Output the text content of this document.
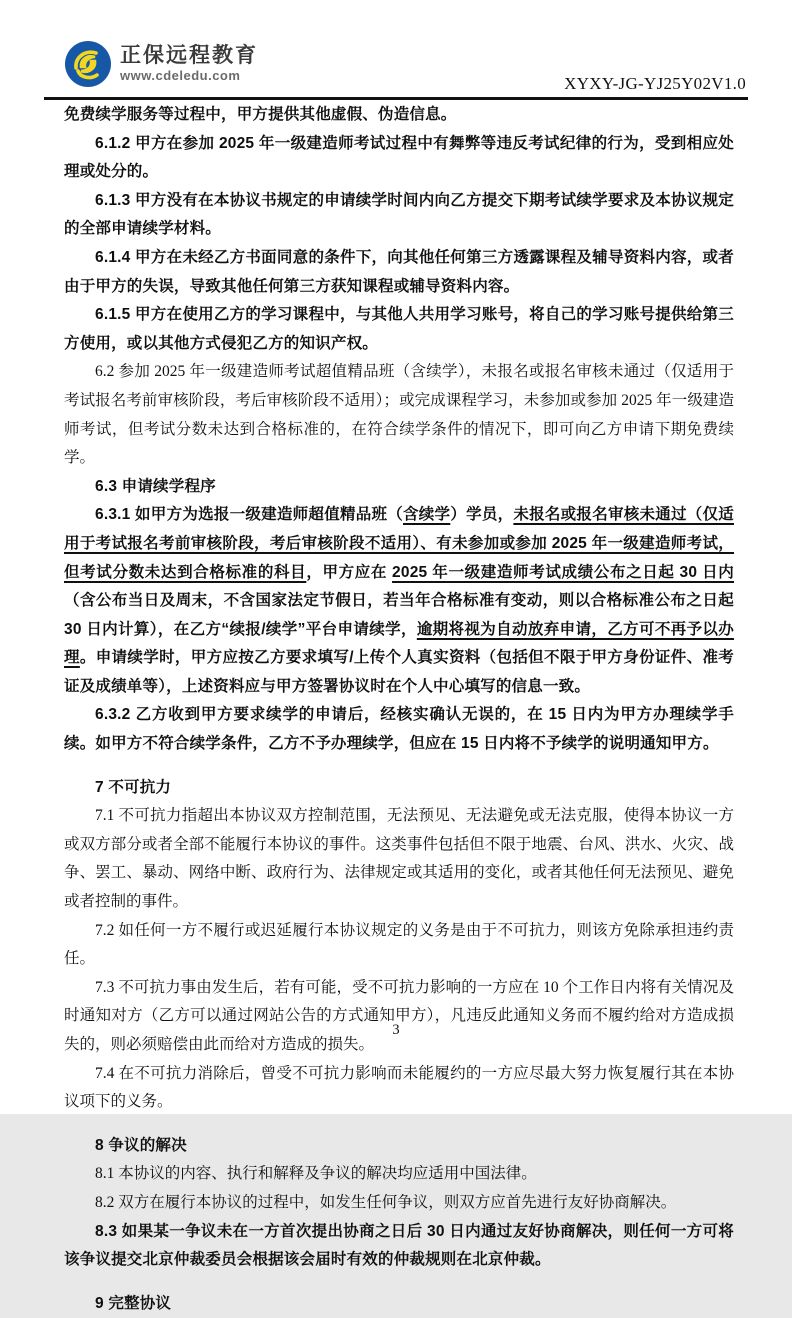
正保远程教育
www.cdeledu.com	XYXY-JG-YJ25Y02V1.0

免费续学服务等过程中，甲方提供其他虚假、伪造信息。

6.1.2 甲方在参加 2025 年一级建造师考试过程中有舞弊等违反考试纪律的行为，受到相应处理或处分的。

6.1.3 甲方没有在本协议书规定的申请续学时间内向乙方提交下期考试续学要求及本协议规定的全部申请续学材料。

6.1.4 甲方在未经乙方书面同意的条件下，向其他任何第三方透露课程及辅导资料内容，或者由于甲方的失误，导致其他任何第三方获知课程或辅导资料内容。

6.1.5 甲方在使用乙方的学习课程中，与其他人共用学习账号，将自己的学习账号提供给第三方使用，或以其他方式侵犯乙方的知识产权。

6.2 参加 2025 年一级建造师考试超值精品班（含续学），未报名或报名审核未通过（仅适用于考试报名考前审核阶段，考后审核阶段不适用）；或完成课程学习，未参加或参加 2025 年一级建造师考试，但考试分数未达到合格标准的，在符合续学条件的情况下，即可向乙方申请下期免费续学。

6.3 申请续学程序

6.3.1 如甲方为选报一级建造师超值精品班（含续学）学员，未报名或报名审核未通过（仅适用于考试报名考前审核阶段，考后审核阶段不适用）、有未参加或参加 2025 年一级建造师考试，但考试分数未达到合格标准的科目，甲方应在 2025 年一级建造师考试成绩公布之日起 30 日内（含公布当日及周末，不含国家法定节假日，若当年合格标准有变动，则以合格标准公布之日起 30 日内计算），在乙方“续报/续学”平台申请续学，逾期将视为自动放弃申请，乙方可不再予以办理。申请续学时，甲方应按乙方要求填写/上传个人真实资料（包括但不限于甲方身份证件、准考证及成绩单等），上述资料应与甲方签署协议时在个人中心填写的信息一致。

6.3.2 乙方收到甲方要求续学的申请后，经核实确认无误的，在 15 日内为甲方办理续学手续。如甲方不符合续学条件，乙方不予办理续学，但应在 15 日内将不予续学的说明通知甲方。

7 不可抗力

7.1 不可抗力指超出本协议双方控制范围，无法预见、无法避免或无法克服，使得本协议一方或双方部分或者全部不能履行本协议的事件。这类事件包括但不限于地震、台风、洪水、火灾、战争、罢工、暴动、网络中断、政府行为、法律规定或其适用的变化，或者其他任何无法预见、避免或者控制的事件。

7.2 如任何一方不履行或迟延履行本协议规定的义务是由于不可抗力，则该方免除承担违约责任。

7.3 不可抗力事由发生后，若有可能，受不可抗力影响的一方应在 10 个工作日内将有关情况及时通知对方（乙方可以通过网站公告的方式通知甲方），凡违反此通知义务而不履约给对方造成损失的，则必须赔偿由此而给对方造成的损失。

7.4 在不可抗力消除后，曾受不可抗力影响而未能履约的一方应尽最大努力恢复履行其在本协议项下的义务。

8 争议的解决

8.1 本协议的内容、执行和解释及争议的解决均应适用中国法律。

8.2 双方在履行本协议的过程中，如发生任何争议，则双方应首先进行友好协商解决。

8.3 如果某一争议未在一方首次提出协商之日后 30 日内通过友好协商解决，则任何一方可将该争议提交北京仲裁委员会根据该会届时有效的仲裁规则在北京仲裁。

9 完整协议

3
